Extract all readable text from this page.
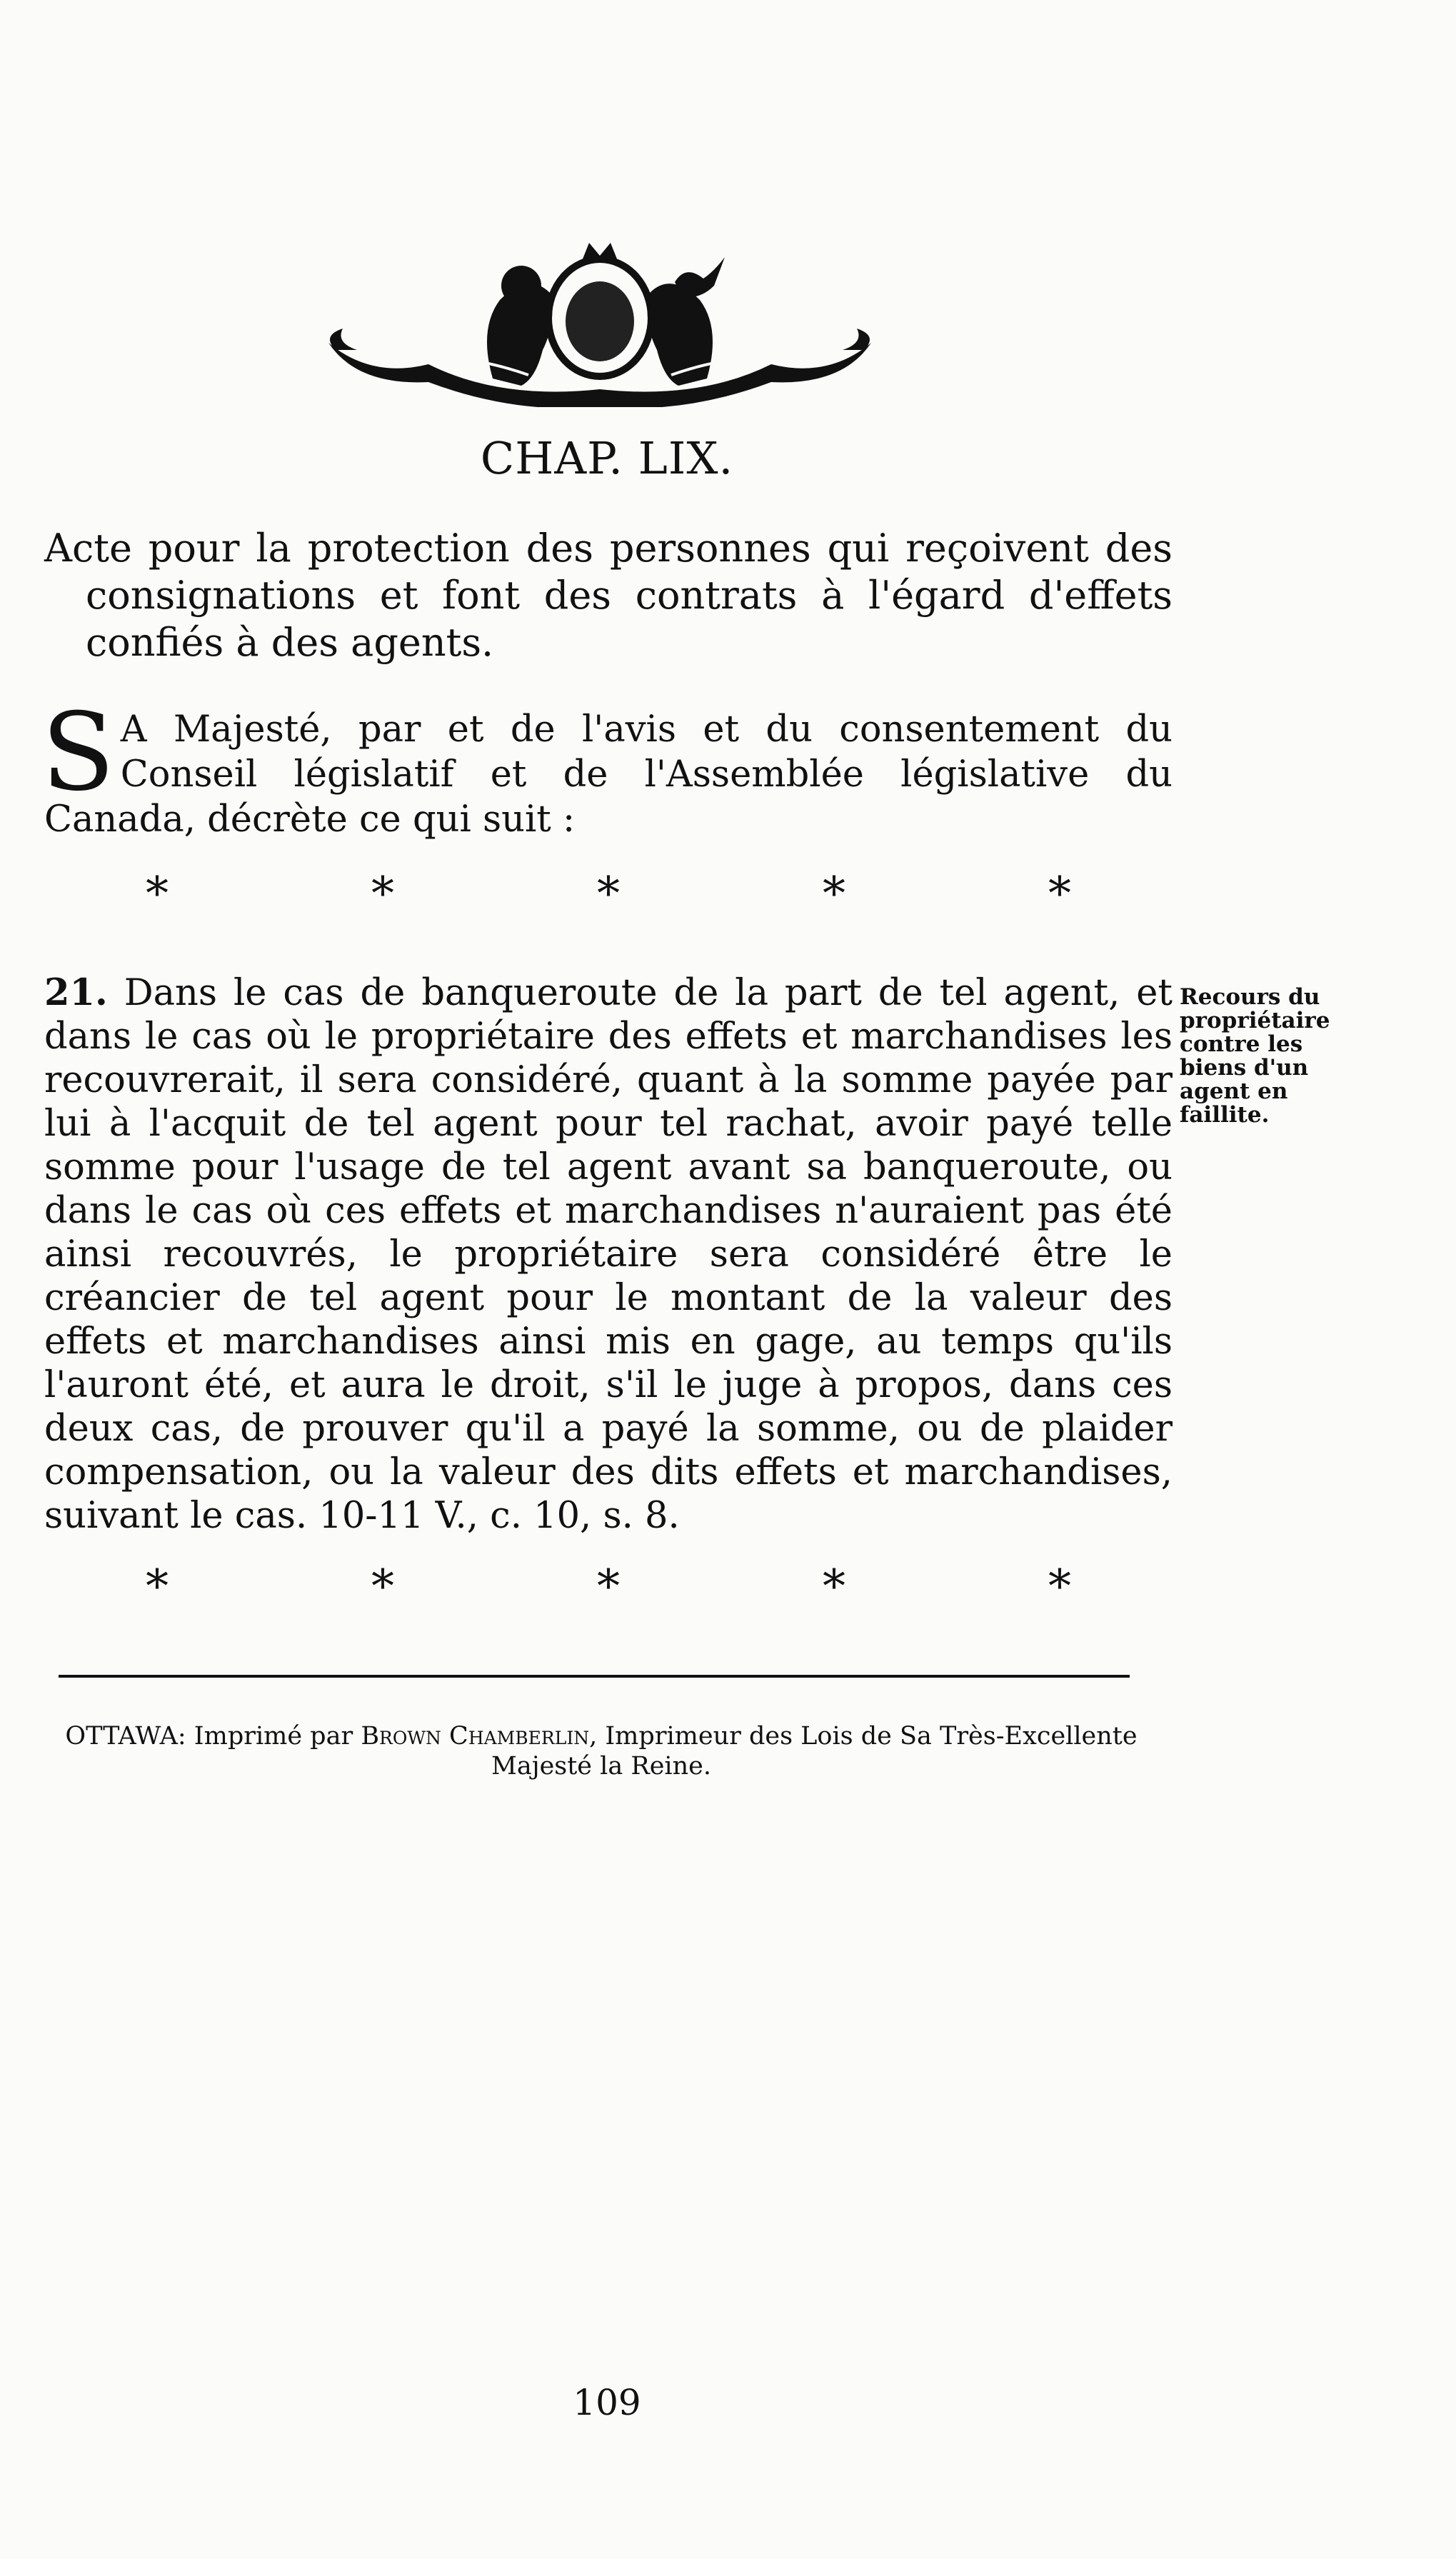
CHAP. LIX.
Acte pour la protection des personnes qui reçoivent des consignations et font des contrats à l'égard d'effets confiés à des agents.
S A Majesté, par et de l'avis et du consentement du Conseil législatif et de l'Assemblée législative du Canada, décrète ce qui suit :
*	*	*	*	*
21. Dans le cas de banqueroute de la part de tel agent, et dans le cas où le propriétaire des effets et marchandises les recouvrerait, il sera considéré, quant à la somme payée par lui à l'acquit de tel agent pour tel rachat, avoir payé telle somme pour l'usage de tel agent avant sa banqueroute, ou dans le cas où ces effets et marchandises n'auraient pas été ainsi recouvrés, le propriétaire sera considéré être le créancier de tel agent pour le montant de la valeur des effets et marchandises ainsi mis en gage, au temps qu'ils l'auront été, et aura le droit, s'il le juge à propos, dans ces deux cas, de prouver qu'il a payé la somme, ou de plaider compensation, ou la valeur des dits effets et marchandises, suivant le cas. 10-11 V., c. 10, s. 8.
Recours du propriétaire contre les biens d'un agent en faillite.
*	*	*	*	*
OTTAWA: Imprimé par Brown Chamberlin, Imprimeur des Lois de Sa Très-Excellente Majesté la Reine.
109
